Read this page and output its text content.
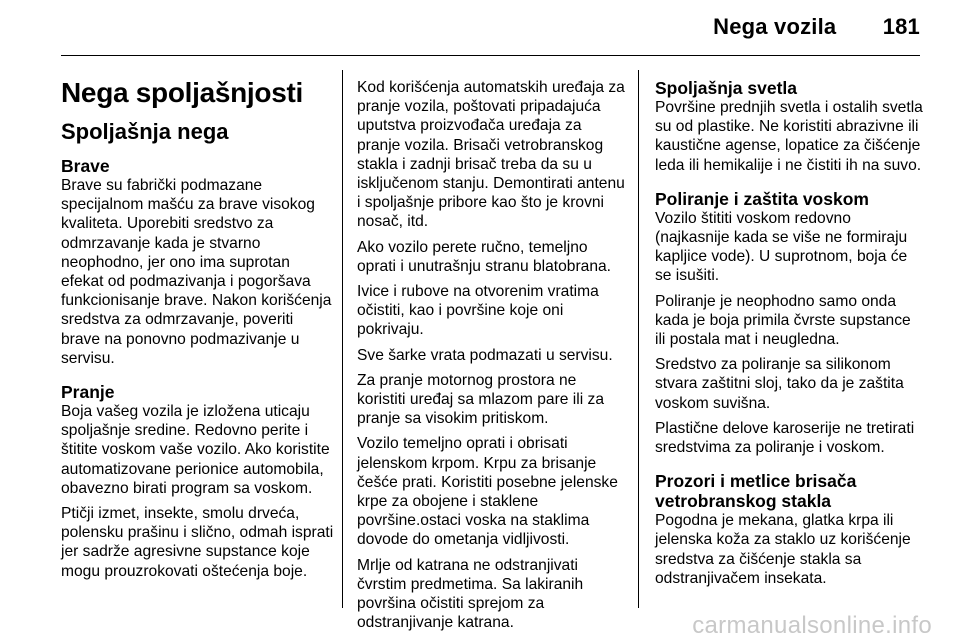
Nega vozila 181
Nega spoljašnjosti
Spoljašnja nega
Brave

Brave su fabrički podmazane specijalnom mašću za brave visokog kvaliteta. Uporebiti sredstvo za odmrzavanje kada je stvarno neophodno, jer ono ima suprotan efekat od podmazivanja i pogoršava funkcionisanje brave. Nakon korišćenja sredstva za odmrzavanje, poveriti brave na ponovno podmazivanje u servisu.

Pranje

Boja vašeg vozila je izložena uticaju spoljašnje sredine. Redovno perite i štitite voskom vaše vozilo. Ako koristite automatizovane perionice automobila, obavezno birati program sa voskom.

Ptičji izmet, insekte, smolu drveća, polensku prašinu i slično, odmah isprati jer sadrže agresivne supstance koje mogu prouzrokovati oštećenja boje.

Kod korišćenja automatskih uređaja za pranje vozila, poštovati pripadajuća uputstva proizvođača uređaja za pranje vozila. Brisači vetrobranskog stakla i zadnji brisač treba da su u isključenom stanju. Demontirati antenu i spoljašnje pribore kao što je krovni nosač, itd.

Ako vozilo perete ručno, temeljno oprati i unutrašnju stranu blatobrana.

Ivice i rubove na otvorenim vratima očistiti, kao i površine koje oni pokrivaju.

Sve šarke vrata podmazati u servisu.

Za pranje motornog prostora ne koristiti uređaj sa mlazom pare ili za pranje sa visokim pritiskom.

Vozilo temeljno oprati i obrisati jelenskom krpom. Krpu za brisanje češće prati. Koristiti posebne jelenske krpe za obojene i staklene površine.ostaci voska na staklima dovode do ometanja vidljivosti.

Mrlje od katrana ne odstranjivati čvrstim predmetima. Sa lakiranih površina očistiti sprejom za odstranjivanje katrana.

Spoljašnja svetla

Površine prednjih svetla i ostalih svetla su od plastike. Ne koristiti abrazivne ili kaustične agense, lopatice za čišćenje leda ili hemikalije i ne čistiti ih na suvo.

Poliranje i zaštita voskom

Vozilo štititi voskom redovno (najkasnije kada se više ne formiraju kapljice vode). U suprotnom, boja će se isušiti.

Poliranje je neophodno samo onda kada je boja primila čvrste supstance ili postala mat i neugledna.

Sredstvo za poliranje sa silikonom stvara zaštitni sloj, tako da je zaštita voskom suvišna.

Plastične delove karoserije ne tretirati sredstvima za poliranje i voskom.

Prozori i metlice brisača vetrobranskog stakla

Pogodna je mekana, glatka krpa ili jelenska koža za staklo uz korišćenje sredstva za čišćenje stakla sa odstranjivačem insekata.

carmanualsonline.info
